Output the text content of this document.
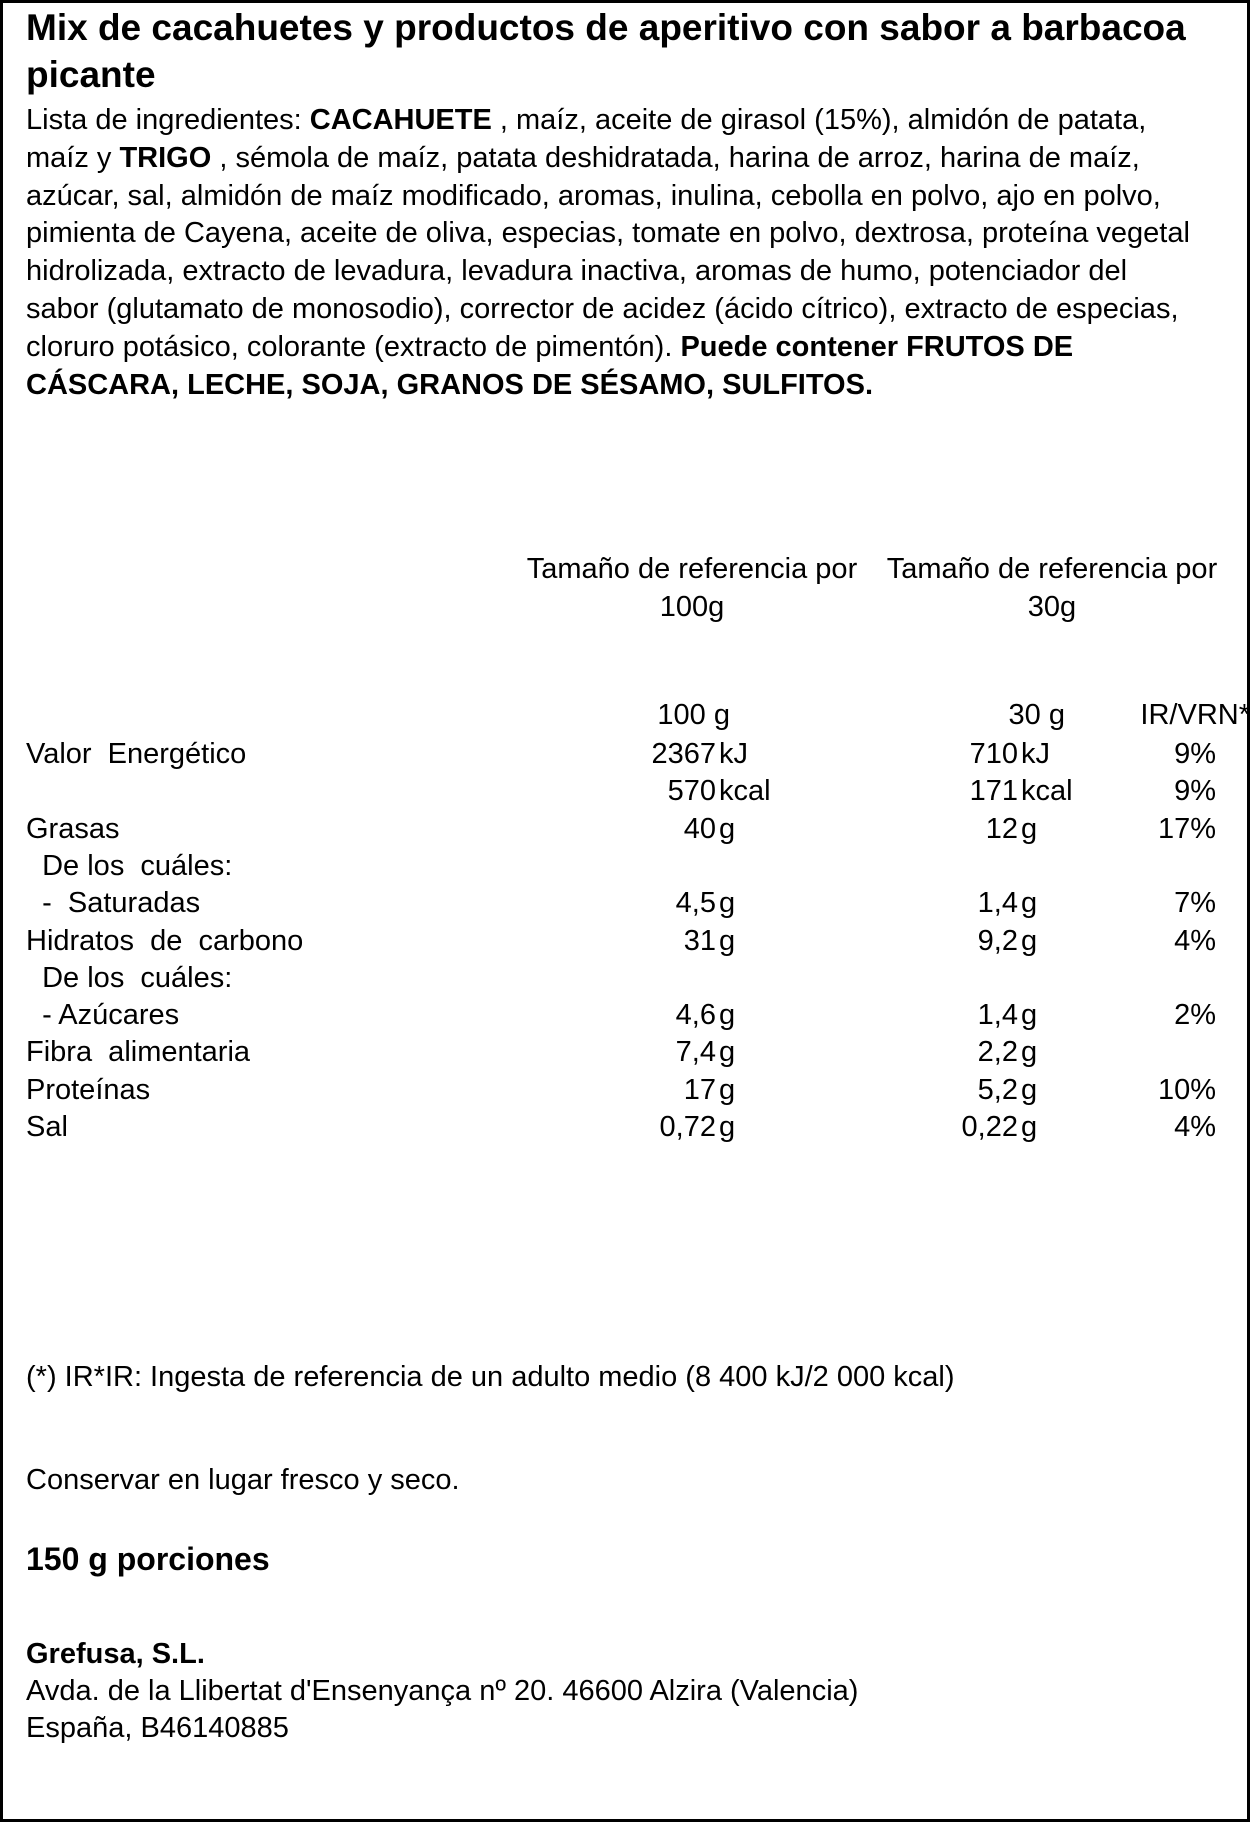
Mix de cacahuetes y productos de aperitivo con sabor a barbacoa picante
Lista de ingredientes: CACAHUETE , maíz, aceite de girasol (15%), almidón de patata, maíz y TRIGO , sémola de maíz, patata deshidratada, harina de arroz, harina de maíz, azúcar, sal, almidón de maíz modificado, aromas, inulina, cebolla en polvo, ajo en polvo, pimienta de Cayena, aceite de oliva, especias, tomate en polvo, dextrosa, proteína vegetal hidrolizada, extracto de levadura, levadura inactiva, aromas de humo, potenciador del sabor (glutamato de monosodio), corrector de acidez (ácido cítrico), extracto de especias, cloruro potásico, colorante (extracto de pimentón). Puede contener FRUTOS DE CÁSCARA, LECHE, SOJA, GRANOS DE SÉSAMO, SULFITOS.
Tamaño de referencia por 100g
Tamaño de referencia por 30g
100 g	30 g	IR/VRN*
Valor  Energético	2367 kJ	710 kJ	9%
570 kcal	171 kcal	9%
Grasas	40 g	12 g	17%
De los  cuáles:
-  Saturadas	4,5 g	1,4 g	7%
Hidratos  de  carbono	31 g	9,2 g	4%
De los  cuáles:
- Azúcares	4,6 g	1,4 g	2%
Fibra  alimentaria	7,4 g	2,2 g
Proteínas	17 g	5,2 g	10%
Sal	0,72 g	0,22 g	4%
(*) IR*IR: Ingesta de referencia de un adulto medio (8 400 kJ/2 000 kcal)
Conservar en lugar fresco y seco.
150 g porciones
Grefusa, S.L.
Avda. de la Llibertat d'Ensenyança nº 20. 46600 Alzira (Valencia)
España, B46140885
